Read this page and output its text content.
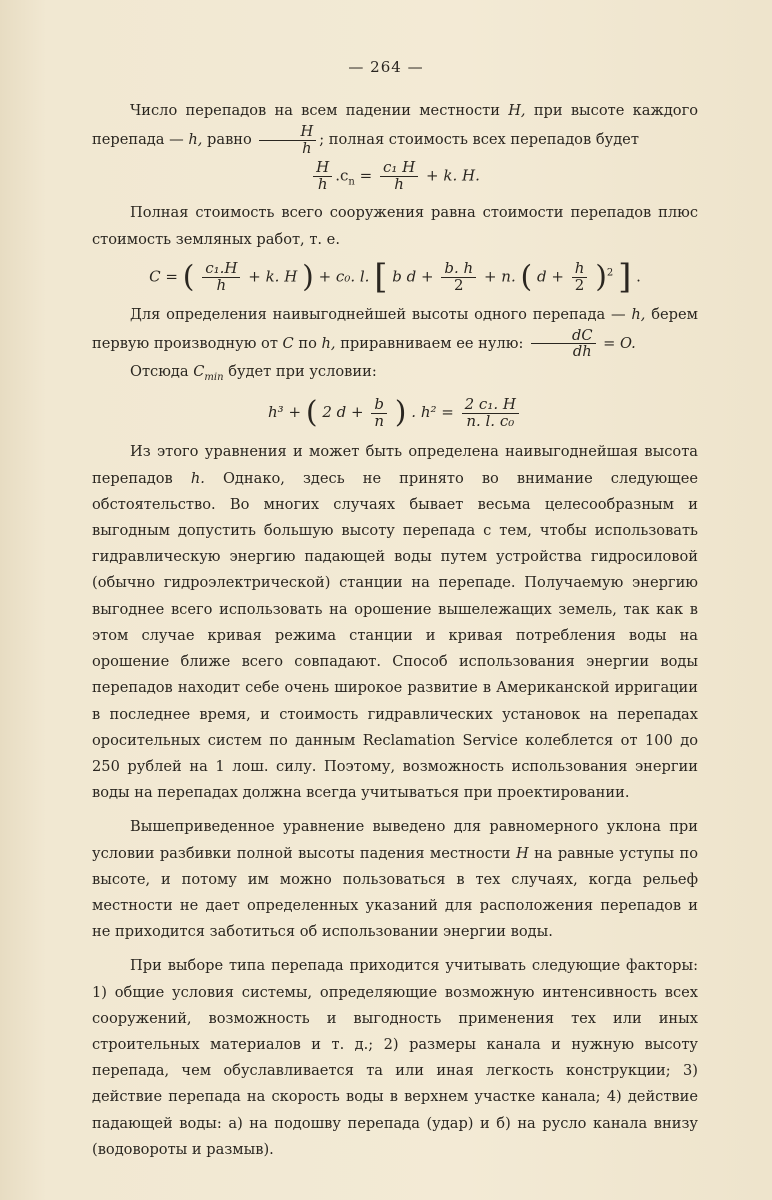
— 264 —

Число перепадов на всем падении местности H, при высоте каждого перепада — h, равно $\frac{H}{h}$ ; полная стоимость всех перепадов будет

$\frac{H}{h} .c_n = \frac{\text{c₁ H}}{h} + k$. H.

Полная стоимость всего сооружения равна стоимости перепадов плюс стоимость земляных работ, т. е.

C = ( $\frac{\text{c₁.H}}{h} + k$. H ) + c₀. l. [ b $d + \frac{b. h}{2} + n$. ( $d + \frac{h}{2} )^2$ ] .

Для определения наивыгоднейшей высоты одного перепада — h, берем первую производную от C по h, приравниваем ее нулю: $\frac{dC}{dh} = O$.

Отсюда $C_{min}$ будет при условии:

h³ + ( 2 $d + \frac{b}{n}$ ) . $h^2 = \frac{\text{2 c₁. H}}{\text{n. l. c₀}}$

Из этого уравнения и может быть определена наивыгоднейшая высота перепадов h. Однако, здесь не принято во внимание следующее обстоятельство. Во многих случаях бывает весьма целесообразным и выгодным допустить большую высоту перепада с тем, чтобы использовать гидравлическую энергию падающей воды путем устройства гидросиловой (обычно гидроэлектрической) станции на перепаде. Получаемую энергию выгоднее всего использовать на орошение вышележащих земель, так как в этом случае кривая режима станции и кривая потребления воды на орошение ближе всего совпадают. Способ использования энергии воды перепадов находит себе очень широкое развитие в Американской ирригации в последнее время, и стоимость гидравлических установок на перепадах оросительных систем по данным Reclamation Service колеблется от 100 до 250 рублей на 1 лош. силу. Поэтому, возможность использования энергии воды на перепадах должна всегда учитываться при проектировании.

Вышеприведенное уравнение выведено для равномерного уклона при условии разбивки полной высоты падения местности H на равные уступы по высоте, и потому им можно пользоваться в тех случаях, когда рельеф местности не дает определенных указаний для расположения перепадов и не приходится заботиться об использовании энергии воды.

При выборе типа перепада приходится учитывать следующие факторы: 1) общие условия системы, определяющие возможную интенсивность всех сооружений, возможность и выгодность применения тех или иных строительных материалов и т. д.; 2) размеры канала и нужную высоту перепада, чем обуславливается та или иная легкость конструкции; 3) действие перепада на скорость воды в верхнем участке канала; 4) действие падающей воды: a) на подошву перепада (удар) и б) на русло канала внизу (водовороты и размыв).
